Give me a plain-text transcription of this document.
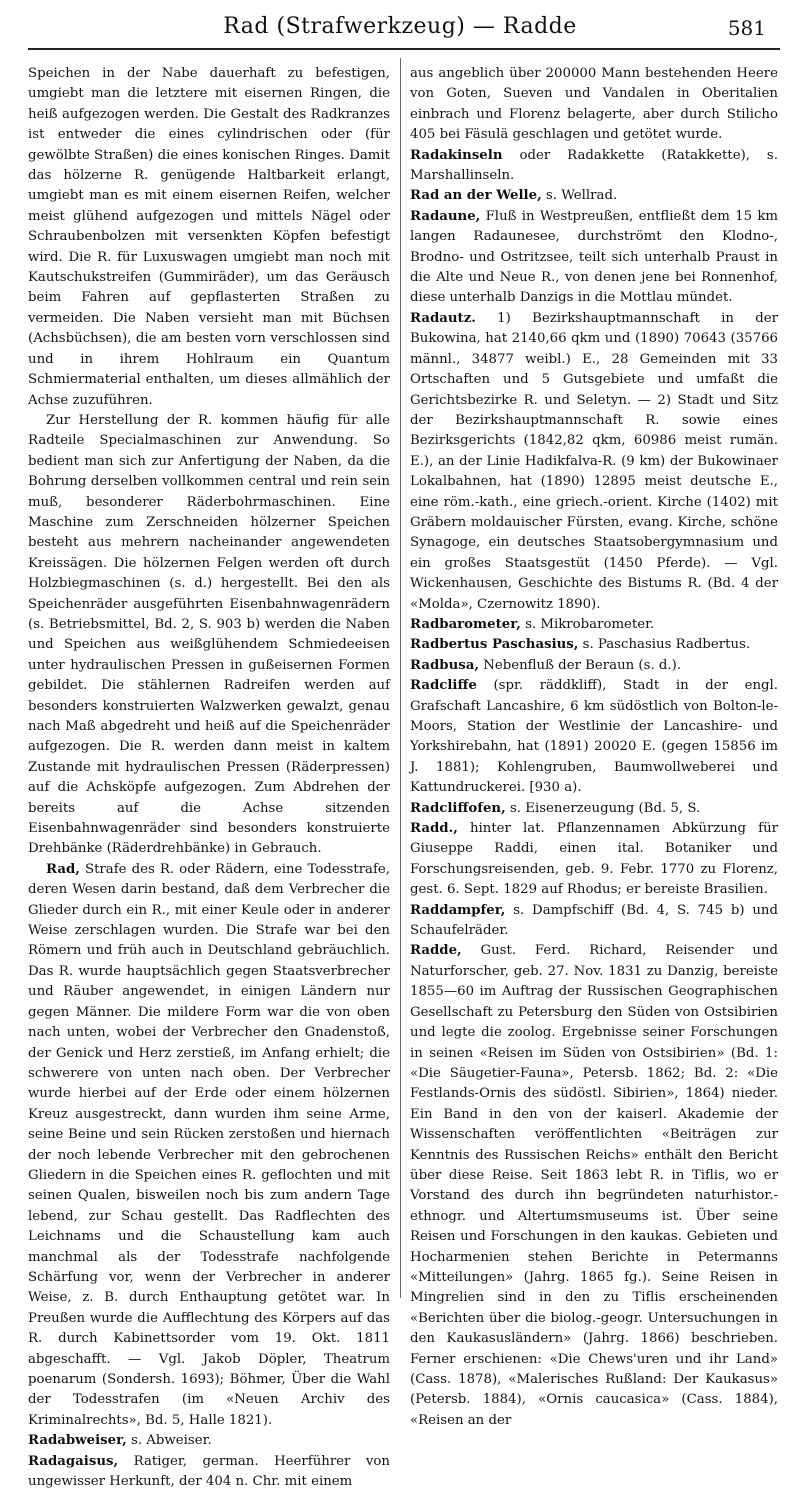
Rad (Strafwerkzeug) — Radde	581

Speichen in der Nabe dauerhaft zu befestigen, umgiebt man die letztere mit eisernen Ringen, die heiß aufgezogen werden. Die Gestalt des Radkranzes ist entweder die eines cylindrischen oder (für gewölbte Straßen) die eines konischen Ringes. Damit das hölzerne R. genügende Haltbarkeit erlangt, umgiebt man es mit einem eisernen Reifen, welcher meist glühend aufgezogen und mittels Nägel oder Schraubenbolzen mit versenkten Köpfen befestigt wird. Die R. für Luxuswagen umgiebt man noch mit Kautschukstreifen (Gummiräder), um das Geräusch beim Fahren auf gepflasterten Straßen zu vermeiden. Die Naben versieht man mit Büchsen (Achsbüchsen), die am besten vorn verschlossen sind und in ihrem Hohlraum ein Quantum Schmiermaterial enthalten, um dieses allmählich der Achse zuzuführen.

Zur Herstellung der R. kommen häufig für alle Radteile Specialmaschinen zur Anwendung. So bedient man sich zur Anfertigung der Naben, da die Bohrung derselben vollkommen central und rein sein muß, besonderer Räderbohrmaschinen. Eine Maschine zum Zerschneiden hölzerner Speichen besteht aus mehrern nacheinander angewendeten Kreissägen. Die hölzernen Felgen werden oft durch Holzbiegmaschinen (s. d.) hergestellt. Bei den als Speichenräder ausgeführten Eisenbahnwagenrädern (s. Betriebsmittel, Bd. 2, S. 903 b) werden die Naben und Speichen aus weißglühendem Schmiedeeisen unter hydraulischen Pressen in gußeisernen Formen gebildet. Die stählernen Radreifen werden auf besonders konstruierten Walzwerken gewalzt, genau nach Maß abgedreht und heiß auf die Speichenräder aufgezogen. Die R. werden dann meist in kaltem Zustande mit hydraulischen Pressen (Räderpressen) auf die Achsköpfe aufgezogen. Zum Abdrehen der bereits auf die Achse sitzenden Eisenbahnwagenräder sind besonders konstruierte Drehbänke (Räderdrehbänke) in Gebrauch.

Rad, Strafe des R. oder Rädern, eine Todesstrafe, deren Wesen darin bestand, daß dem Verbrecher die Glieder durch ein R., mit einer Keule oder in anderer Weise zerschlagen wurden. Die Strafe war bei den Römern und früh auch in Deutschland gebräuchlich. Das R. wurde hauptsächlich gegen Staatsverbrecher und Räuber angewendet, in einigen Ländern nur gegen Männer. Die mildere Form war die von oben nach unten, wobei der Verbrecher den Gnadenstoß, der Genick und Herz zerstieß, im Anfang erhielt; die schwerere von unten nach oben. Der Verbrecher wurde hierbei auf der Erde oder einem hölzernen Kreuz ausgestreckt, dann wurden ihm seine Arme, seine Beine und sein Rücken zerstoßen und hiernach der noch lebende Verbrecher mit den gebrochenen Gliedern in die Speichen eines R. geflochten und mit seinen Qualen, bisweilen noch bis zum andern Tage lebend, zur Schau gestellt. Das Radflechten des Leichnams und die Schaustellung kam auch manchmal als der Todesstrafe nachfolgende Schärfung vor, wenn der Verbrecher in anderer Weise, z. B. durch Enthauptung getötet war. In Preußen wurde die Aufflechtung des Körpers auf das R. durch Kabinettsorder vom 19. Okt. 1811 abgeschafft. — Vgl. Jakob Döpler, Theatrum poenarum (Sondersh. 1693); Böhmer, Über die Wahl der Todesstrafen (im «Neuen Archiv des Kriminalrechts», Bd. 5, Halle 1821).

Radabweiser, s. Abweiser.

Radagaisus, Ratiger, german. Heerführer von ungewisser Herkunft, der 404 n. Chr. mit einem

aus angeblich über 200000 Mann bestehenden Heere von Goten, Sueven und Vandalen in Oberitalien einbrach und Florenz belagerte, aber durch Stilicho 405 bei Fäsulä geschlagen und getötet wurde.

Radakinseln oder Radakkette (Ratakkette), s. Marshallinseln.

Rad an der Welle, s. Wellrad.

Radaune, Fluß in Westpreußen, entfließt dem 15 km langen Radaunesee, durchströmt den Klodno-, Brodno- und Ostritzsee, teilt sich unterhalb Praust in die Alte und Neue R., von denen jene bei Ronnenhof, diese unterhalb Danzigs in die Mottlau mündet.

Radautz. 1) Bezirkshauptmannschaft in der Bukowina, hat 2140,66 qkm und (1890) 70643 (35766 männl., 34877 weibl.) E., 28 Gemeinden mit 33 Ortschaften und 5 Gutsgebiete und umfaßt die Gerichtsbezirke R. und Seletyn. — 2) Stadt und Sitz der Bezirkshauptmannschaft R. sowie eines Bezirksgerichts (1842,82 qkm, 60986 meist rumän. E.), an der Linie Hadikfalva-R. (9 km) der Bukowinaer Lokalbahnen, hat (1890) 12895 meist deutsche E., eine röm.-kath., eine griech.-orient. Kirche (1402) mit Gräbern moldauischer Fürsten, evang. Kirche, schöne Synagoge, ein deutsches Staatsobergymnasium und ein großes Staatsgestüt (1450 Pferde). — Vgl. Wickenhausen, Geschichte des Bistums R. (Bd. 4 der «Molda», Czernowitz 1890).

Radbarometer, s. Mikrobarometer.

Radbertus Paschasius, s. Paschasius Radbertus.

Radbusa, Nebenfluß der Beraun (s. d.).

Radcliffe (spr. räddkliff), Stadt in der engl. Grafschaft Lancashire, 6 km südöstlich von Bolton-le-Moors, Station der Westlinie der Lancashire- und Yorkshirebahn, hat (1891) 20020 E. (gegen 15856 im J. 1881); Kohlengruben, Baumwollweberei und Kattundruckerei. [930 a).

Radcliffofen, s. Eisenerzeugung (Bd. 5, S.

Radd., hinter lat. Pflanzennamen Abkürzung für Giuseppe Raddi, einen ital. Botaniker und Forschungsreisenden, geb. 9. Febr. 1770 zu Florenz, gest. 6. Sept. 1829 auf Rhodus; er bereiste Brasilien.

Raddampfer, s. Dampfschiff (Bd. 4, S. 745 b) und Schaufelräder.

Radde, Gust. Ferd. Richard, Reisender und Naturforscher, geb. 27. Nov. 1831 zu Danzig, bereiste 1855—60 im Auftrag der Russischen Geographischen Gesellschaft zu Petersburg den Süden von Ostsibirien und legte die zoolog. Ergebnisse seiner Forschungen in seinen «Reisen im Süden von Ostsibirien» (Bd. 1: «Die Säugetier-Fauna», Petersb. 1862; Bd. 2: «Die Festlands-Ornis des südöstl. Sibirien», 1864) nieder. Ein Band in den von der kaiserl. Akademie der Wissenschaften veröffentlichten «Beiträgen zur Kenntnis des Russischen Reichs» enthält den Bericht über diese Reise. Seit 1863 lebt R. in Tiflis, wo er Vorstand des durch ihn begründeten naturhistor.-ethnogr. und Altertumsmuseums ist. Über seine Reisen und Forschungen in den kaukas. Gebieten und Hocharmenien stehen Berichte in Petermanns «Mitteilungen» (Jahrg. 1865 fg.). Seine Reisen in Mingrelien sind in den zu Tiflis erscheinenden «Berichten über die biolog.-geogr. Untersuchungen in den Kaukasusländern» (Jahrg. 1866) beschrieben. Ferner erschienen: «Die Chews'uren und ihr Land» (Cass. 1878), «Malerisches Rußland: Der Kaukasus» (Petersb. 1884), «Ornis caucasica» (Cass. 1884), «Reisen an der
